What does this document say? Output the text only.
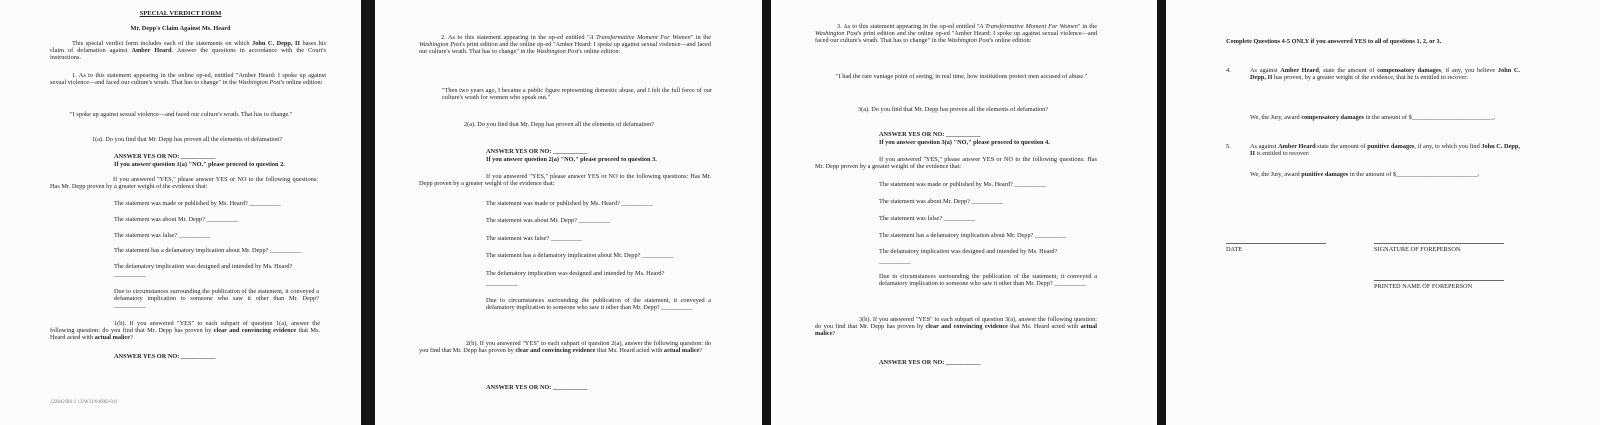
SPECIAL VERDICT FORM
Mr. Depp's Claim Against Ms. Heard
This special verdict form includes each of the statements on which John C. Depp, II bases his claim of defamation against Amber Heard. Answer the questions in accordance with the Court's instructions.
1. As to this statement appearing in the online op-ed, entitled "Amber Heard: I spoke up against sexual violence—and faced our culture's wrath. That has to change" in the Washington Post's online edition:
"I spoke up against sexual violence—and faced our culture's wrath. That has to change."
1(a). Do you find that Mr. Depp has proven all the elements of defamation?
ANSWER YES OR NO: ___________
If you answer question 1(a) "NO," please proceed to question 2.
If you answered "YES," please answer YES or NO to the following questions: Has Mr. Depp proven by a greater weight of the evidence that:
The statement was made or published by Ms. Heard? __________
The statement was about Mr. Depp? __________
The statement was false? __________
The statement has a defamatory implication about Mr. Depp? __________
The defamatory implication was designed and intended by Ms. Heard?
__________
Due to circumstances surrounding the publication of the statement, it conveyed a defamatory implication to someone who saw it other than Mr. Depp? __________
1(b). If you answered "YES" to each subpart of question 1(a), answer the following question: do you find that Mr. Depp has proven by clear and convincing evidence that Ms. Heard acted with actual malice?
ANSWER YES OR NO: ___________
{22842/R6-1 13/W31/0400D-01}
2. As to this statement appearing in the op-ed entitled "A Transformative Moment For Women" in the Washington Post's print edition and the online op-ed "Amber Heard: I spoke up against sexual violence—and faced our culture's wrath. That has to change" in the Washington Post's online edition:
"Then two years ago, I became a public figure representing domestic abuse, and I felt the full force of our culture's wrath for women who speak out."
2(a). Do you find that Mr. Depp has proven all the elements of defamation?
ANSWER YES OR NO: ___________
If you answer question 2(a) "NO," please proceed to question 3.
If you answered "YES," please answer YES or NO to the following questions: Has Mr. Depp proven by a greater weight of the evidence that:
The statement was made or published by Ms. Heard? __________
The statement was about Mr. Depp? __________
The statement was false? __________
The statement has a defamatory implication about Mr. Depp? __________
The defamatory implication was designed and intended by Ms. Heard?
__________
Due to circumstances surrounding the publication of the statement, it conveyed a defamatory implication to someone who saw it other than Mr. Depp? __________
2(b). If you answered "YES" to each subpart of question 2(a), answer the following question: do you find that Mr. Depp has proven by clear and convincing evidence that Ms. Heard acted with actual malice?
ANSWER YES OR NO: ___________
3. As to this statement appearing in the op-ed entitled "A Transformative Moment For Women" in the Washington Post's print edition and the online op-ed "Amber Heard: I spoke up against sexual violence—and faced our culture's wrath. That has to change" in the Washington Post's online edition:
"I had the rare vantage point of seeing, in real time, how institutions protect men accused of abuse."
3(a). Do you find that Mr. Depp has proven all the elements of defamation?
ANSWER YES OR NO: ___________
If you answer question 3(a) "NO," please proceed to question 4.
If you answered "YES," please answer YES or NO to the following questions: Has Mr. Depp proven by a greater weight of the evidence that:
The statement was made or published by Ms. Heard? __________
The statement was about Mr. Depp? __________
The statement was false? __________
The statement has a defamatory implication about Mr. Depp? __________
The defamatory implication was designed and intended by Ms. Heard?
__________
Due to circumstances surrounding the publication of the statement, it conveyed a defamatory implication to someone who saw it other than Mr. Depp? __________
3(b). If you answered "YES" to each subpart of question 3(a), answer the following question: do you find that Mr. Depp has proven by clear and convincing evidence that Ms. Heard acted with actual malice?
ANSWER YES OR NO: ___________
Complete Questions 4-5 ONLY if you answered YES to all of questions 1, 2, or 3.
4.	As against Amber Heard, state the amount of compensatory damages, if any, you believe John C. Depp, II has proven, by a greater weight of the evidence, that he is entitled to recover:
We, the Jury, award compensatory damages in the amount of $__________________________.
5.	As against Amber Heard state the amount of punitive damages, if any, to which you find John C. Depp, II is entitled to recover:
We, the Jury, award punitive damages in the amount of $__________________________.
DATE	SIGNATURE OF FOREPERSON
PRINTED NAME OF FOREPERSON
